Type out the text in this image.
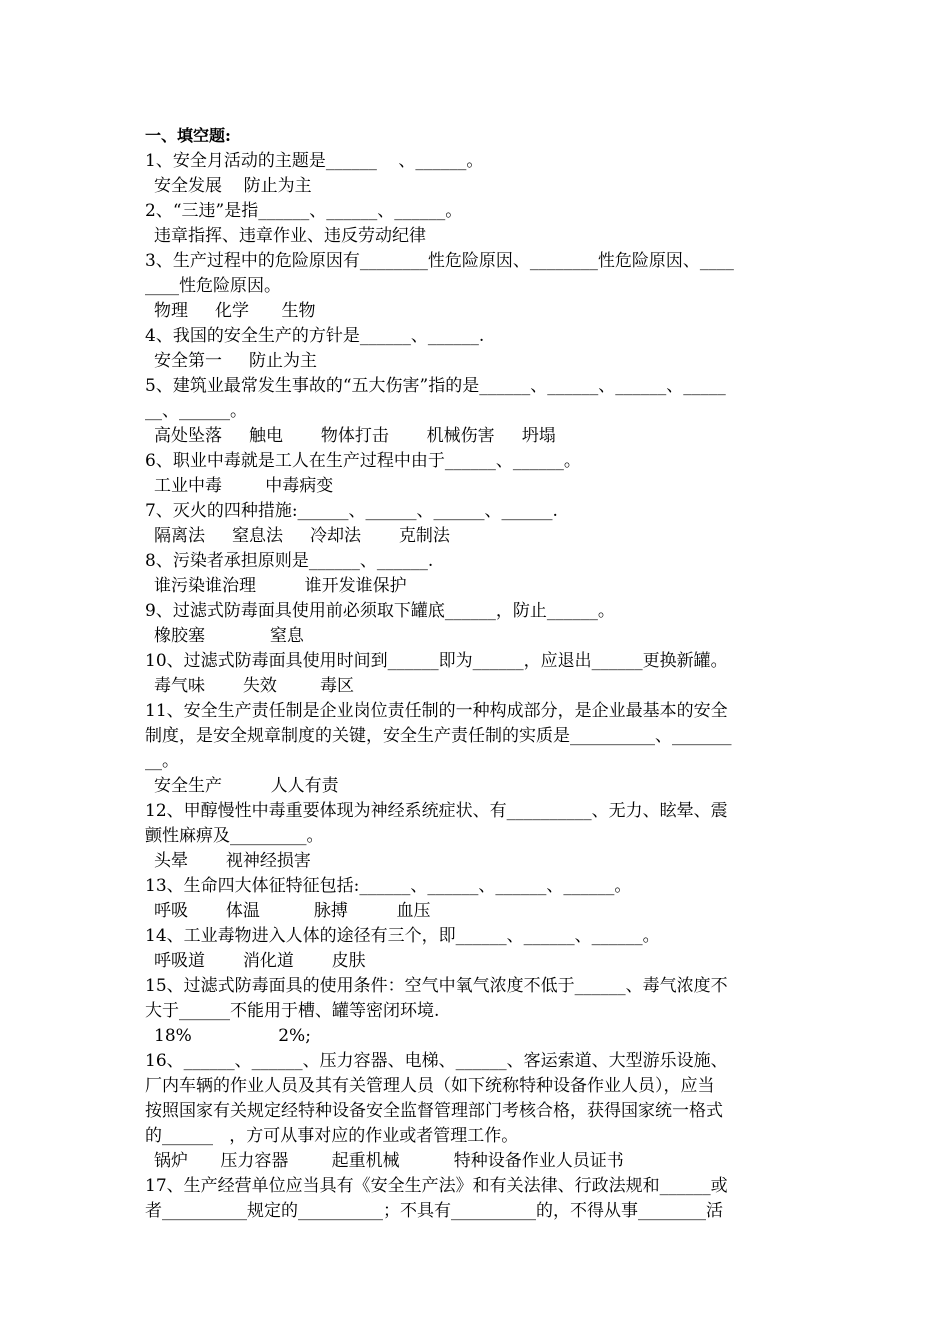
一、填空题:
1、安全月活动的主题是______    、______。
安全发展    防止为主
2、“三违”是指______、______、______。
违章指挥、违章作业、违反劳动纪律
3、生产过程中的危险原因有________性危险原因、________性危险原因、____
____性危险原因。
物理     化学      生物
4、我国的安全生产的方针是______、______.
安全第一     防止为主
5、建筑业最常发生事故的“五大伤害”指的是______、______、______、_____
__、______。
高处坠落     触电       物体打击       机械伤害     坍塌
6、职业中毒就是工人在生产过程中由于______、______。
工业中毒        中毒病变
7、灭火的四种措施:______、______、______、______.
隔离法     窒息法     冷却法       克制法
8、污染者承担原则是______、______.
谁污染谁治理         谁开发谁保护
9、过滤式防毒面具使用前必须取下罐底______，防止______。
橡胶塞            窒息
10、过滤式防毒面具使用时间到______即为______，应退出______更换新罐。
毒气味       失效        毒区
11、安全生产责任制是企业岗位责任制的一种构成部分，是企业最基本的安全
制度，是安全规章制度的关键，安全生产责任制的实质是__________、_______
__。
安全生产         人人有责
12、甲醇慢性中毒重要体现为神经系统症状、有__________、无力、眩晕、震
颤性麻痹及_________。
头晕       视神经损害
13、生命四大体征特征包括:______、______、______、______。
呼吸       体温          脉搏         血压
14、工业毒物进入人体的途径有三个，即______、______、______。
呼吸道       消化道       皮肤
15、过滤式防毒面具的使用条件：空气中氧气浓度不低于______、毒气浓度不
大于______不能用于槽、罐等密闭环境.
18%                2%;
16、______、______、压力容器、电梯、______、客运索道、大型游乐设施、
厂内车辆的作业人员及其有关管理人员（如下统称特种设备作业人员），应当
按照国家有关规定经特种设备安全监督管理部门考核合格，获得国家统一格式
的______   ，方可从事对应的作业或者管理工作。
锅炉      压力容器        起重机械          特种设备作业人员证书
17、生产经营单位应当具有《安全生产法》和有关法律、行政法规和______或
者__________规定的__________；不具有__________的，不得从事________活
